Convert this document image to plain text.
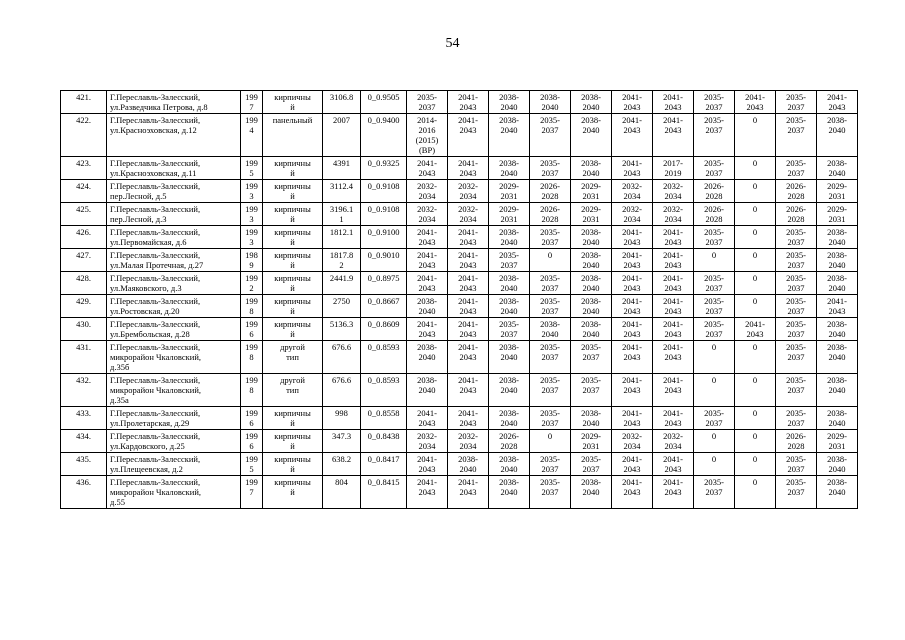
54
421.	Г.Переславль-Залесский,
ул.Разведчика Петрова, д.8	199
7	кирпичны
й	3106.8	0_0.9505	2035-
2037	2041-
2043	2038-
2040	2038-
2040	2038-
2040	2041-
2043	2041-
2043	2035-
2037	2041-
2043	2035-
2037	2041-
2043

422.	Г.Переславль-Залесский,
ул.Красноэховская, д.12	199
4	панельный	2007	0_0.9400	2014-
2016
(2015)
(ВР)	2041-
2043	2038-
2040	2035-
2037	2038-
2040	2041-
2043	2041-
2043	2035-
2037	0	2035-
2037	2038-
2040

423.	Г.Переславль-Залесский,
ул.Красноэховская, д.11	199
5	кирпичны
й	4391	0_0.9325	2041-
2043	2041-
2043	2038-
2040	2035-
2037	2038-
2040	2041-
2043	2017-
2019	2035-
2037	0	2035-
2037	2038-
2040

424.	Г.Переславль-Залесский,
пер.Лесной, д.5	199
3	кирпичны
й	3112.4	0_0.9108	2032-
2034	2032-
2034	2029-
2031	2026-
2028	2029-
2031	2032-
2034	2032-
2034	2026-
2028	0	2026-
2028	2029-
2031

425.	Г.Переславль-Залесский,
пер.Лесной, д.3	199
3	кирпичны
й	3196.1
1	0_0.9108	2032-
2034	2032-
2034	2029-
2031	2026-
2028	2029-
2031	2032-
2034	2032-
2034	2026-
2028	0	2026-
2028	2029-
2031

426.	Г.Переславль-Залесский,
ул.Первомайская, д.6	199
3	кирпичны
й	1812.1	0_0.9100	2041-
2043	2041-
2043	2038-
2040	2035-
2037	2038-
2040	2041-
2043	2041-
2043	2035-
2037	0	2035-
2037	2038-
2040

427.	Г.Переславль-Залесский,
ул.Малая Протечная, д.27	198
9	кирпичны
й	1817.8
2	0_0.9010	2041-
2043	2041-
2043	2035-
2037	0	2038-
2040	2041-
2043	2041-
2043	0	0	2035-
2037	2038-
2040

428.	Г.Переславль-Залесский,
ул.Маяковского, д.3	199
2	кирпичны
й	2441.9	0_0.8975	2041-
2043	2041-
2043	2038-
2040	2035-
2037	2038-
2040	2041-
2043	2041-
2043	2035-
2037	0	2035-
2037	2038-
2040

429.	Г.Переславль-Залесский,
ул.Ростовская, д.20	199
8	кирпичны
й	2750	0_0.8667	2038-
2040	2041-
2043	2038-
2040	2035-
2037	2038-
2040	2041-
2043	2041-
2043	2035-
2037	0	2035-
2037	2041-
2043

430.	Г.Переславль-Залесский,
ул.Брембольская, д.28	199
6	кирпичны
й	5136.3	0_0.8609	2041-
2043	2041-
2043	2035-
2037	2038-
2040	2038-
2040	2041-
2043	2041-
2043	2035-
2037	2041-
2043	2035-
2037	2038-
2040

431.	Г.Переславль-Залесский,
микрорайон Чкаловский,
д.35б	199
8	другой
тип	676.6	0_0.8593	2038-
2040	2041-
2043	2038-
2040	2035-
2037	2035-
2037	2041-
2043	2041-
2043	0	0	2035-
2037	2038-
2040

432.	Г.Переславль-Залесский,
микрорайон Чкаловский,
д.35а	199
8	другой
тип	676.6	0_0.8593	2038-
2040	2041-
2043	2038-
2040	2035-
2037	2035-
2037	2041-
2043	2041-
2043	0	0	2035-
2037	2038-
2040

433.	Г.Переславль-Залесский,
ул.Пролетарская, д.29	199
6	кирпичны
й	998	0_0.8558	2041-
2043	2041-
2043	2038-
2040	2035-
2037	2038-
2040	2041-
2043	2041-
2043	2035-
2037	0	2035-
2037	2038-
2040

434.	Г.Переславль-Залесский,
ул.Кардовского, д.25	199
6	кирпичны
й	347.3	0_0.8438	2032-
2034	2032-
2034	2026-
2028	0	2029-
2031	2032-
2034	2032-
2034	0	0	2026-
2028	2029-
2031

435.	Г.Переславль-Залесский,
ул.Плещеевская, д.2	199
5	кирпичны
й	638.2	0_0.8417	2041-
2043	2038-
2040	2038-
2040	2035-
2037	2035-
2037	2041-
2043	2041-
2043	0	0	2035-
2037	2038-
2040

436.	Г.Переславль-Залесский,
микрорайон Чкаловский,
д.55	199
7	кирпичны
й	804	0_0.8415	2041-
2043	2041-
2043	2038-
2040	2035-
2037	2038-
2040	2041-
2043	2041-
2043	2035-
2037	0	2035-
2037	2038-
2040
